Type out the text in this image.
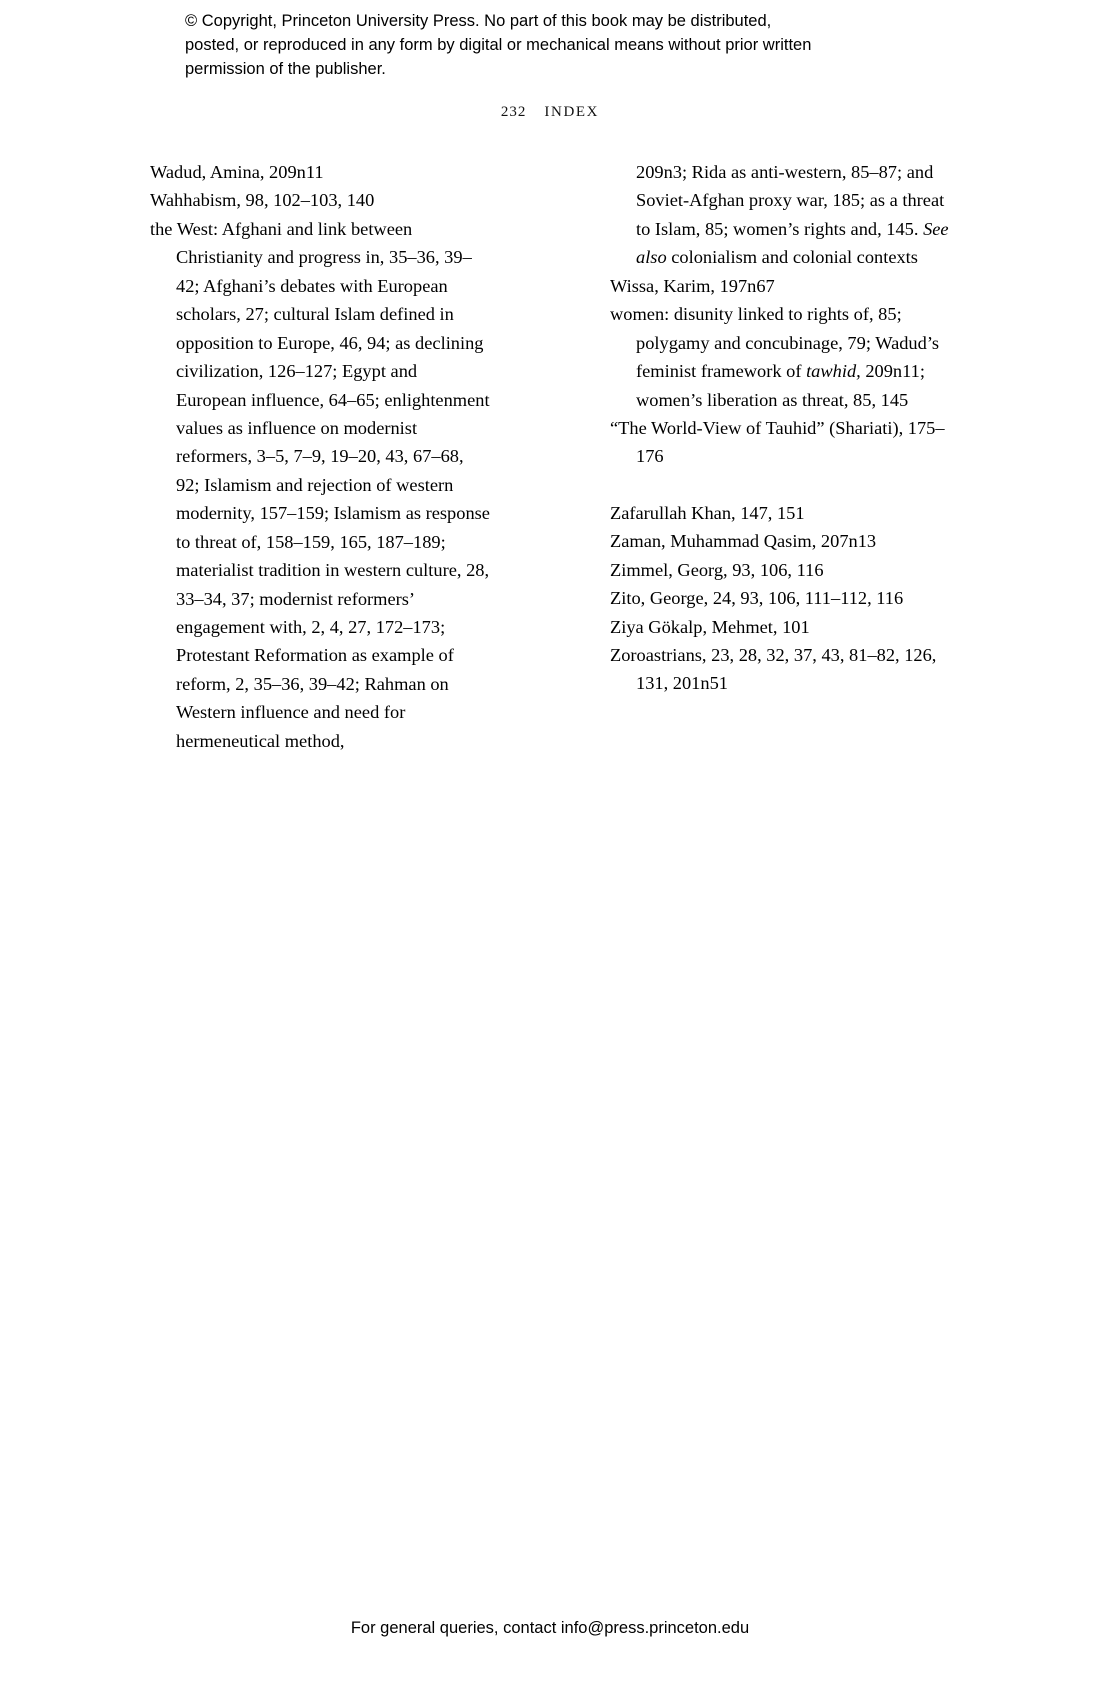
© Copyright, Princeton University Press. No part of this book may be distributed, posted, or reproduced in any form by digital or mechanical means without prior written permission of the publisher.
232 INDEX

Wadud, Amina, 209n11

Wahhabism, 98, 102–103, 140

the West: Afghani and link between Christianity and progress in, 35–36, 39–42; Afghani’s debates with European scholars, 27; cultural Islam defined in opposition to Europe, 46, 94; as declining civilization, 126–127; Egypt and European influence, 64–65; enlightenment values as influence on modernist reformers, 3–5, 7–9, 19–20, 43, 67–68, 92; Islamism and rejection of western modernity, 157–159; Islamism as response to threat of, 158–159, 165, 187–189; materialist tradition in western culture, 28, 33–34, 37; modernist reformers’ engagement with, 2, 4, 27, 172–173; Protestant Reformation as example of reform, 2, 35–36, 39–42; Rahman on Western influence and need for hermeneutical method,

209n3; Rida as anti-western, 85–87; and Soviet-Afghan proxy war, 185; as a threat to Islam, 85; women’s rights and, 145. See also colonialism and colonial contexts

Wissa, Karim, 197n67

women: disunity linked to rights of, 85; polygamy and concubinage, 79; Wadud’s feminist framework of tawhid, 209n11; women’s liberation as threat, 85, 145

“The World-View of Tauhid” (Shariati), 175–176

Zafarullah Khan, 147, 151

Zaman, Muhammad Qasim, 207n13

Zimmel, Georg, 93, 106, 116

Zito, George, 24, 93, 106, 111–112, 116

Ziya Gökalp, Mehmet, 101

Zoroastrians, 23, 28, 32, 37, 43, 81–82, 126, 131, 201n51

For general queries, contact info@press.princeton.edu
